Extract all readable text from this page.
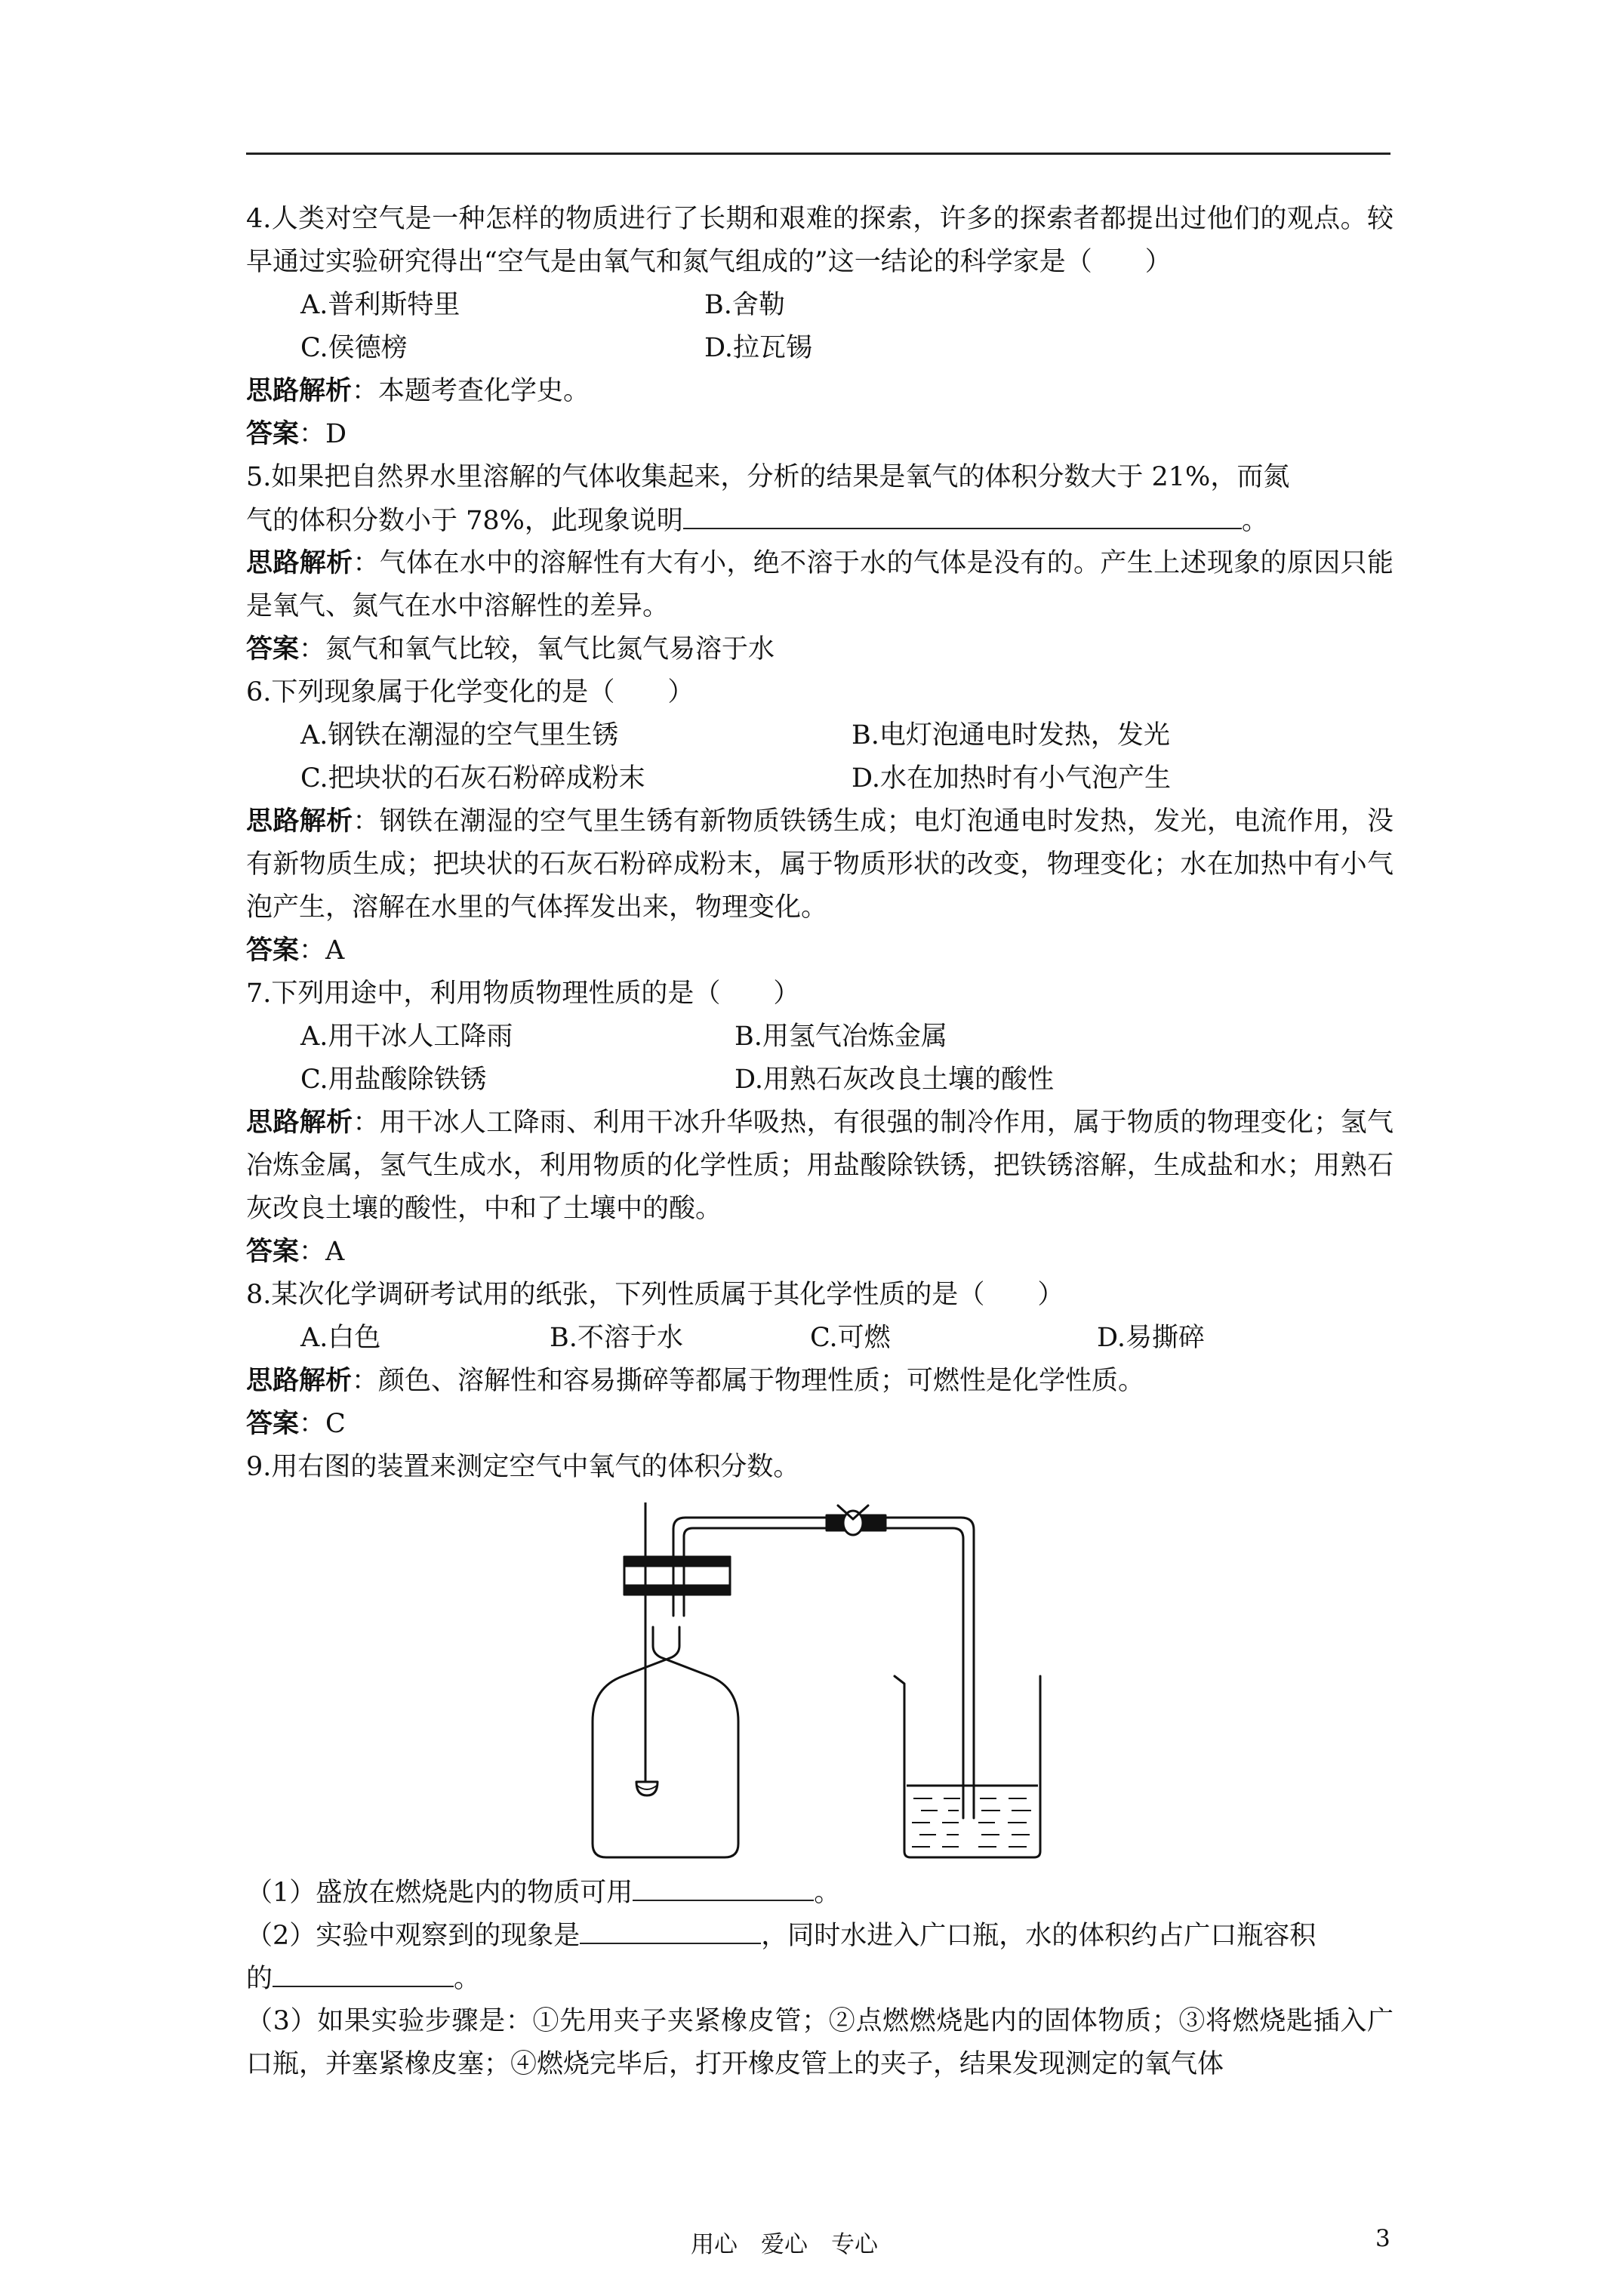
4.人类对空气是一种怎样的物质进行了长期和艰难的探索，许多的探索者都提出过他们的观点。较早通过实验研究得出“空气是由氧气和氮气组成的”这一结论的科学家是（　　）
A.普利斯特里	B.舍勒
C.侯德榜	D.拉瓦锡
思路解析：本题考查化学史。
答案：D
5.如果把自然界水里溶解的气体收集起来，分析的结果是氧气的体积分数大于 21%，而氮
气的体积分数小于 78%，此现象说明	。
思路解析：气体在水中的溶解性有大有小，绝不溶于水的气体是没有的。产生上述现象的原因只能是氧气、氮气在水中溶解性的差异。
答案：氮气和氧气比较，氧气比氮气易溶于水
6.下列现象属于化学变化的是（　　）
A.钢铁在潮湿的空气里生锈	B.电灯泡通电时发热，发光
C.把块状的石灰石粉碎成粉末	D.水在加热时有小气泡产生
思路解析：钢铁在潮湿的空气里生锈有新物质铁锈生成；电灯泡通电时发热，发光，电流作用，没有新物质生成；把块状的石灰石粉碎成粉末，属于物质形状的改变，物理变化；水在加热中有小气泡产生，溶解在水里的气体挥发出来，物理变化。
答案：A
7.下列用途中，利用物质物理性质的是（　　）
A.用干冰人工降雨	B.用氢气冶炼金属
C.用盐酸除铁锈	D.用熟石灰改良土壤的酸性
思路解析：用干冰人工降雨、利用干冰升华吸热，有很强的制冷作用，属于物质的物理变化；氢气冶炼金属，氢气生成水，利用物质的化学性质；用盐酸除铁锈，把铁锈溶解，生成盐和水；用熟石灰改良土壤的酸性，中和了土壤中的酸。
答案：A
8.某次化学调研考试用的纸张，下列性质属于其化学性质的是（　　）
A.白色	B.不溶于水	C.可燃	D.易撕碎
思路解析：颜色、溶解性和容易撕碎等都属于物理性质；可燃性是化学性质。
答案：C
9.用右图的装置来测定空气中氧气的体积分数。
（1）盛放在燃烧匙内的物质可用	。
（2）实验中观察到的现象是	，同时水进入广口瓶，水的体积约占广口瓶容积
的	。
（3）如果实验步骤是：①先用夹子夹紧橡皮管；②点燃燃烧匙内的固体物质；③将燃烧匙插入广口瓶，并塞紧橡皮塞；④燃烧完毕后，打开橡皮管上的夹子，结果发现测定的氧气体
用心　爱心　专心	3
